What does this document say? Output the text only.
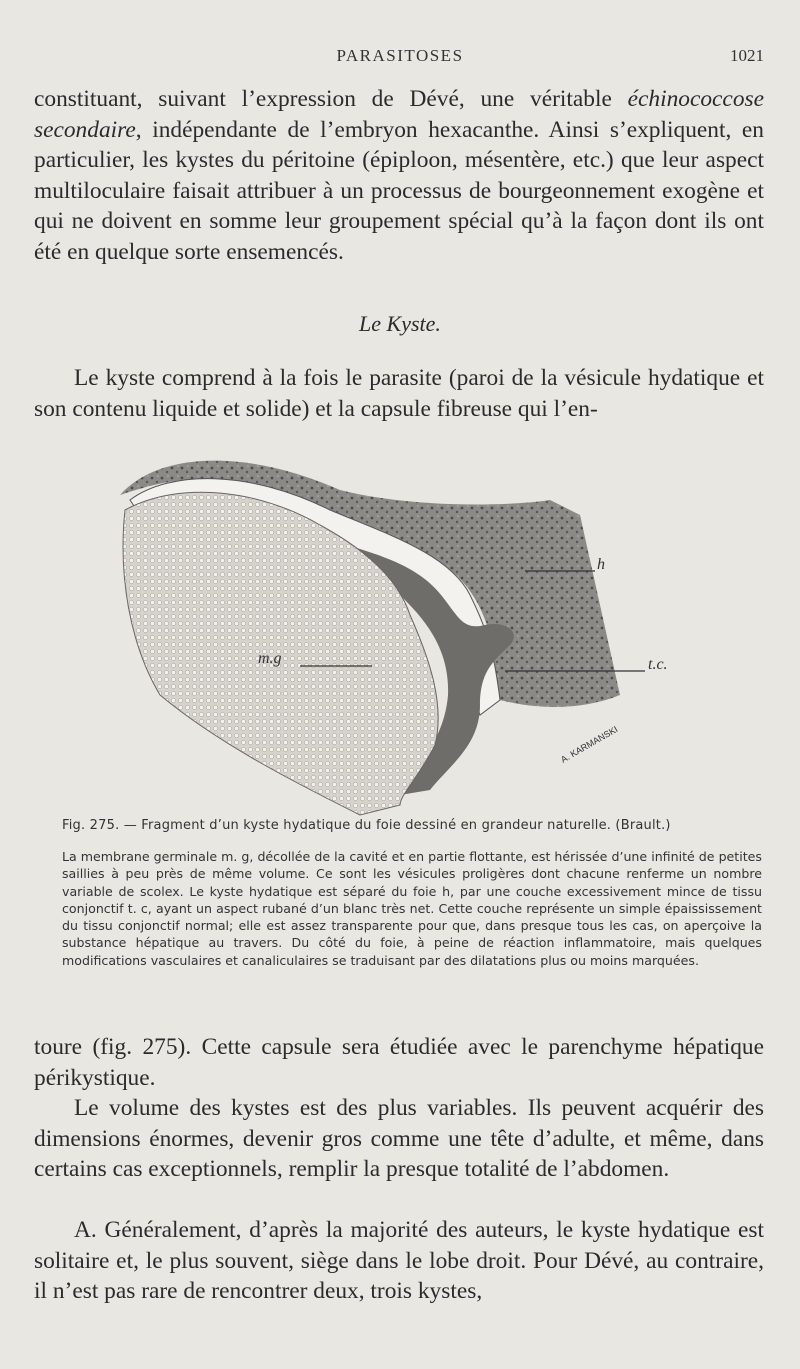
PARASITOSES	1021
constituant, suivant l’expression de Dévé, une véritable échinococcose secondaire, indépendante de l’embryon hexacanthe. Ainsi s’expliquent, en particulier, les kystes du péritoine (épiploon, mésentère, etc.) que leur aspect multiloculaire faisait attribuer à un processus de bourgeonnement exogène et qui ne doivent en somme leur groupement spécial qu’à la façon dont ils ont été en quelque sorte ensemencés.
Le Kyste.
Le kyste comprend à la fois le parasite (paroi de la vésicule hydatique et son contenu liquide et solide) et la capsule fibreuse qui l’en-
m.g
h
t.c.
A. KARMANSKI
Fig. 275. — Fragment d’un kyste hydatique du foie dessiné en grandeur naturelle. (Brault.)
La membrane germinale m. g, décollée de la cavité et en partie flottante, est hérissée d’une infinité de petites saillies à peu près de même volume. Ce sont les vésicules proligères dont chacune renferme un nombre variable de scolex. Le kyste hydatique est séparé du foie h, par une couche excessivement mince de tissu conjonctif t. c, ayant un aspect rubané d’un blanc très net. Cette couche représente un simple épaississement du tissu conjonctif normal; elle est assez transparente pour que, dans presque tous les cas, on aperçoive la substance hépatique au travers. Du côté du foie, à peine de réaction inflammatoire, mais quelques modifications vasculaires et canaliculaires se traduisant par des dilatations plus ou moins marquées.
toure (fig. 275). Cette capsule sera étudiée avec le parenchyme hépatique périkystique.
Le volume des kystes est des plus variables. Ils peuvent acquérir des dimensions énormes, devenir gros comme une tête d’adulte, et même, dans certains cas exceptionnels, remplir la presque totalité de l’abdomen.
A. Généralement, d’après la majorité des auteurs, le kyste hydatique est solitaire et, le plus souvent, siège dans le lobe droit. Pour Dévé, au contraire, il n’est pas rare de rencontrer deux, trois kystes,
